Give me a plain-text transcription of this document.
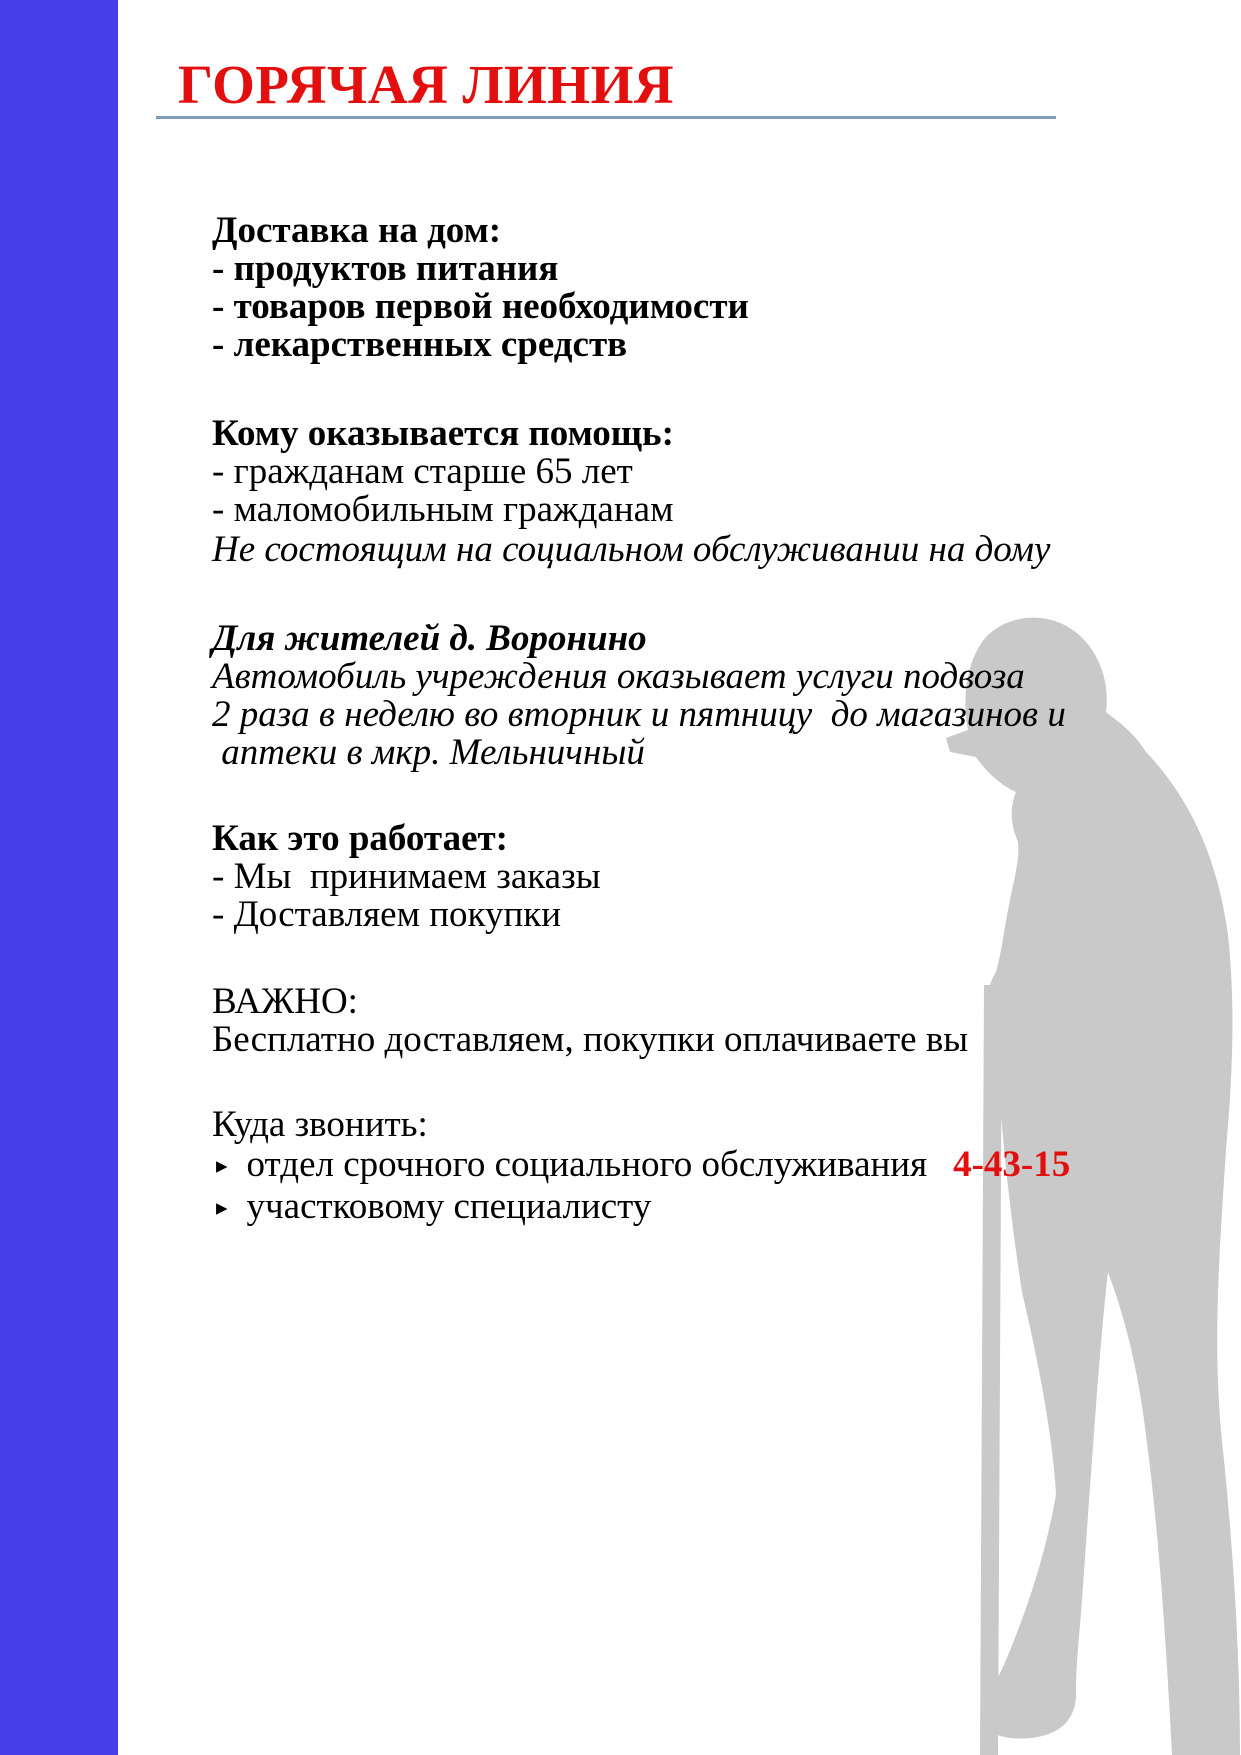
ГОРЯЧАЯ ЛИНИЯ
Доставка на дом:
- продуктов питания
- товаров первой необходимости
- лекарственных средств
Кому оказывается помощь:
- гражданам старше 65 лет
- маломобильным гражданам
Не состоящим на социальном обслуживании на дому
Для жителей д. Воронино
Автомобиль учреждения оказывает услуги подвоза
2 раза в неделю во вторник и пятницу  до магазинов и
аптеки в мкр. Мельничный
Как это работает:
- Мы  принимаем заказы
- Доставляем покупки
ВАЖНО:
Бесплатно доставляем, покупки оплачиваете вы
Куда звонить:
▸ отдел срочного социального обслуживания 4-43-15
▸ участковому специалисту
